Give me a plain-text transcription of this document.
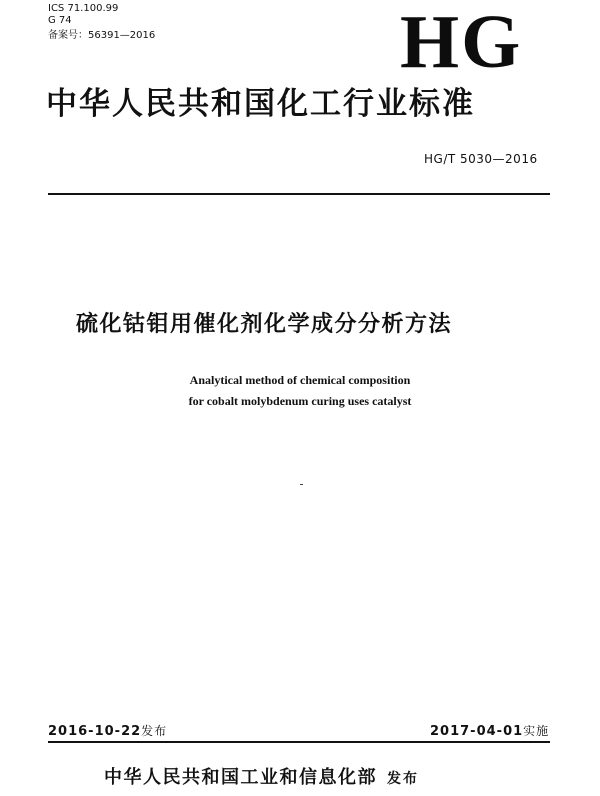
ICS 71.100.99
G 74
备案号：56391—2016	HG
中华人民共和国化工行业标准
HG/T 5030—2016
硫化钴钼用催化剂化学成分分析方法
Analytical method of chemical composition
for cobalt molybdenum curing uses catalyst
2016-10-22发布	2017-04-01实施
中华人民共和国工业和信息化部 发布
